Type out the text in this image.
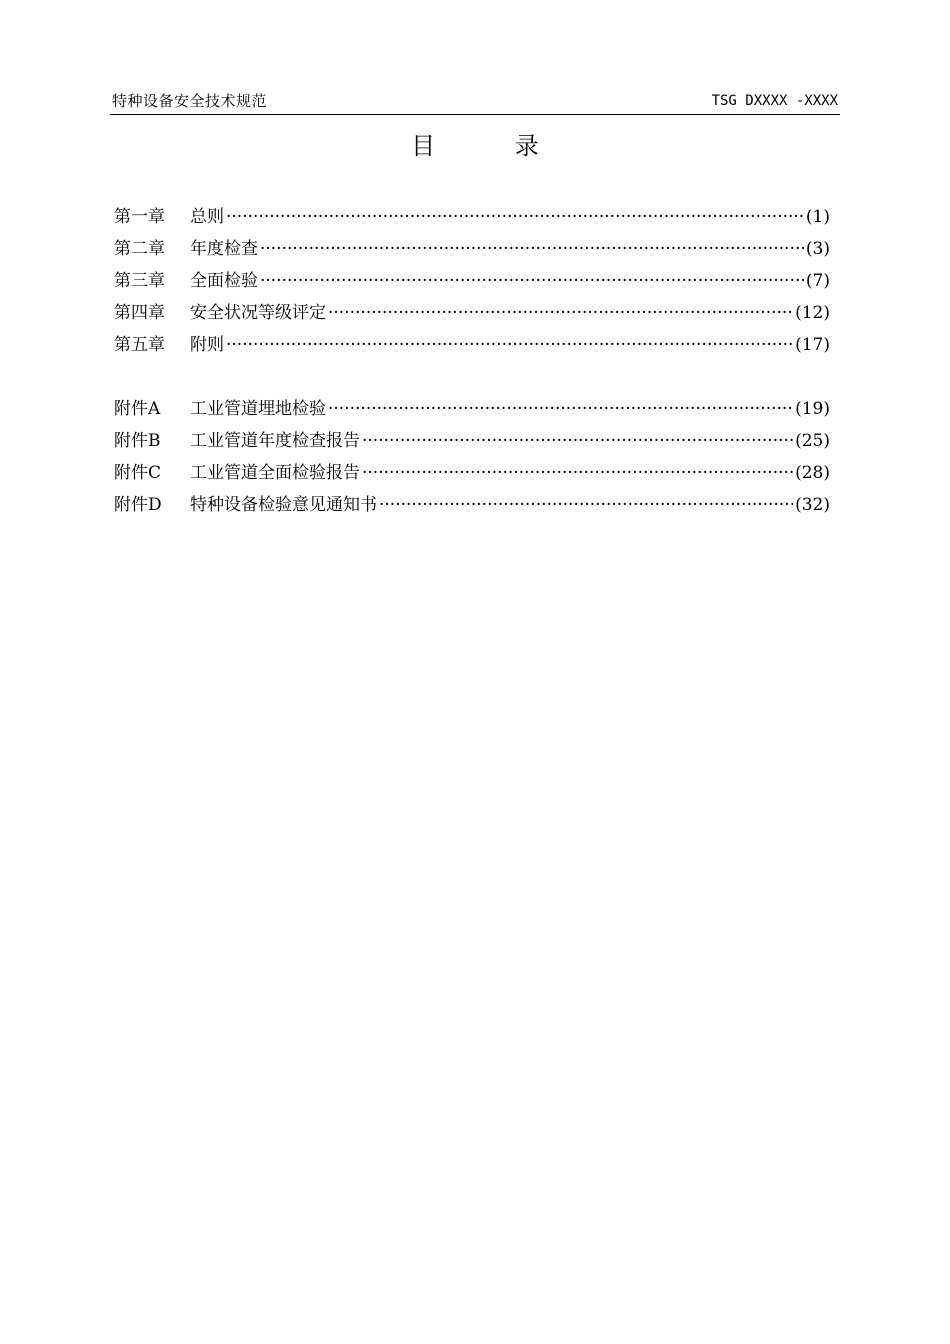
特种设备安全技术规范	TSG DXXXX -XXXX
目 录
第一章	总则 ·····	(1)
第二章	年度检查 ·····	(3)
第三章	全面检验 ·····	(7)
第四章	安全状况等级评定 ·····	(12)
第五章	附则 ·····	(17)
附件A	工业管道埋地检验 ·····	(19)
附件B	工业管道年度检查报告 ·····	(25)
附件C	工业管道全面检验报告 ·····	(28)
附件D	特种设备检验意见通知书 ·····	(32)
